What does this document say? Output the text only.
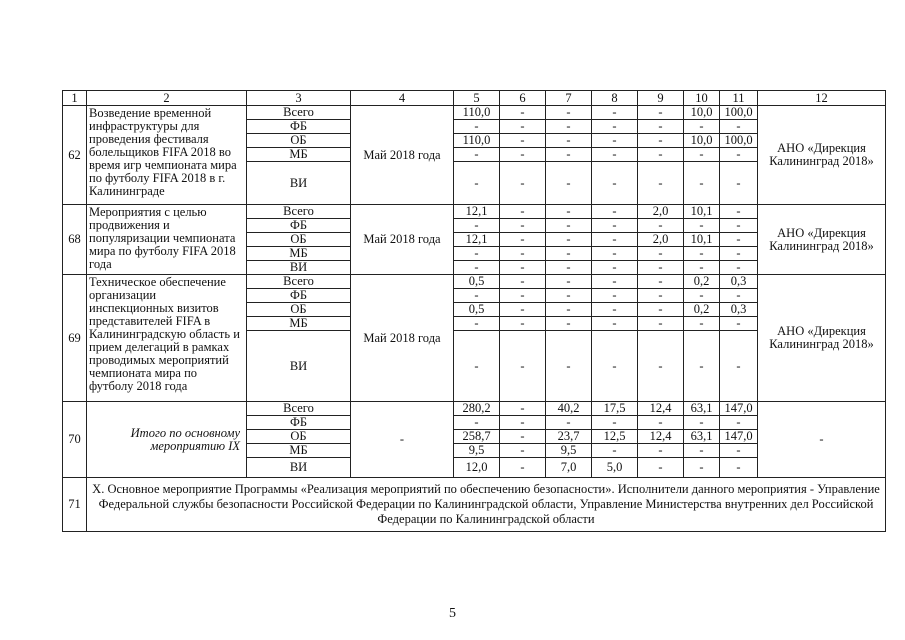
1	2	3	4	5	6	7	8	9	10	11	12
62	Возведение временной инфраструктуры для проведения фестиваля болельщиков FIFA 2018 во время игр чемпионата мира по футболу FIFA 2018 в г. Калининграде	Всего	Май 2018 года	110,0	-	-	-	-	10,0	100,0	АНО «Дирекция Калининград 2018»
		ФБ		-	-	-	-	-	-	-	
		ОБ		110,0	-	-	-	-	10,0	100,0	
		МБ		-	-	-	-	-	-	-	
		ВИ		-	-	-	-	-	-	-	
68	Мероприятия с целью продвижения и популяризации чемпионата мира по футболу FIFA 2018 года	Всего	Май 2018 года	12,1	-	-	-	2,0	10,1	-	АНО «Дирекция Калининград 2018»
		ФБ		-	-	-	-	-	-	-	
		ОБ		12,1	-	-	-	2,0	10,1	-	
		МБ		-	-	-	-	-	-	-	
		ВИ		-	-	-	-	-	-	-	
69	Техническое обеспечение организации инспекционных визитов представителей FIFA в Калининградскую область и прием делегаций в рамках проводимых мероприятий чемпионата мира по футболу 2018 года	Всего	Май 2018 года	0,5	-	-	-	-	0,2	0,3	АНО «Дирекция Калининград 2018»
		ФБ		-	-	-	-	-	-	-	
		ОБ		0,5	-	-	-	-	0,2	0,3	
		МБ		-	-	-	-	-	-	-	
		ВИ		-	-	-	-	-	-	-	
70	Итого по основному мероприятию IX	Всего	-	280,2	-	40,2	17,5	12,4	63,1	147,0	-
		ФБ		-	-	-	-	-	-	-	
		ОБ		258,7	-	23,7	12,5	12,4	63,1	147,0	
		МБ		9,5	-	9,5	-	-	-	-	
		ВИ		12,0	-	7,0	5,0	-	-	-	
71	X. Основное мероприятие Программы «Реализация мероприятий по обеспечению безопасности». Исполнители данного мероприятия - Управление Федеральной службы безопасности Российской Федерации по Калининградской области, Управление Министерства внутренних дел Российской Федерации по Калининградской области										
5
